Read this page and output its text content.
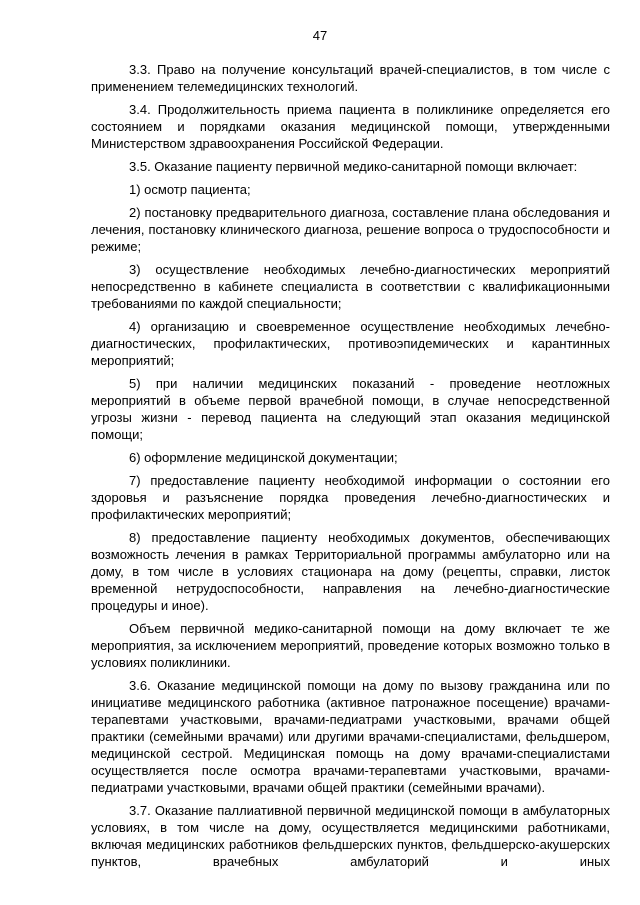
47

3.3. Право на получение консультаций врачей-специалистов, в том числе с применением телемедицинских технологий.

3.4. Продолжительность приема пациента в поликлинике определяется его состоянием и порядками оказания медицинской помощи, утвержденными Министерством здравоохранения Российской Федерации.

3.5. Оказание пациенту первичной медико-санитарной помощи включает:

1) осмотр пациента;

2) постановку предварительного диагноза, составление плана обследования и лечения, постановку клинического диагноза, решение вопроса о трудоспособности и режиме;

3) осуществление необходимых лечебно-диагностических мероприятий непосредственно в кабинете специалиста в соответствии с квалификационными требованиями по каждой специальности;

4) организацию и своевременное осуществление необходимых лечебно-диагностических, профилактических, противоэпидемических и карантинных мероприятий;

5) при наличии медицинских показаний - проведение неотложных мероприятий в объеме первой врачебной помощи, в случае непосредственной угрозы жизни - перевод пациента на следующий этап оказания медицинской помощи;

6) оформление медицинской документации;

7) предоставление пациенту необходимой информации о состоянии его здоровья и разъяснение порядка проведения лечебно-диагностических и профилактических мероприятий;

8) предоставление пациенту необходимых документов, обеспечивающих возможность лечения в рамках Территориальной программы амбулаторно или на дому, в том числе в условиях стационара на дому (рецепты, справки, листок временной нетрудоспособности, направления на лечебно-диагностические процедуры и иное).

Объем первичной медико-санитарной помощи на дому включает те же мероприятия, за исключением мероприятий, проведение которых возможно только в условиях поликлиники.

3.6. Оказание медицинской помощи на дому по вызову гражданина или по инициативе медицинского работника (активное патронажное посещение) врачами-терапевтами участковыми, врачами-педиатрами участковыми, врачами общей практики (семейными врачами) или другими врачами-специалистами, фельдшером, медицинской сестрой. Медицинская помощь на дому врачами-специалистами осуществляется после осмотра врачами-терапевтами участковыми, врачами-педиатрами участковыми, врачами общей практики (семейными врачами).

3.7. Оказание паллиативной первичной медицинской помощи в амбулаторных условиях, в том числе на дому, осуществляется медицинскими работниками, включая медицинских работников фельдшерских пунктов, фельдшерско-акушерских пунктов, врачебных амбулаторий и иных
